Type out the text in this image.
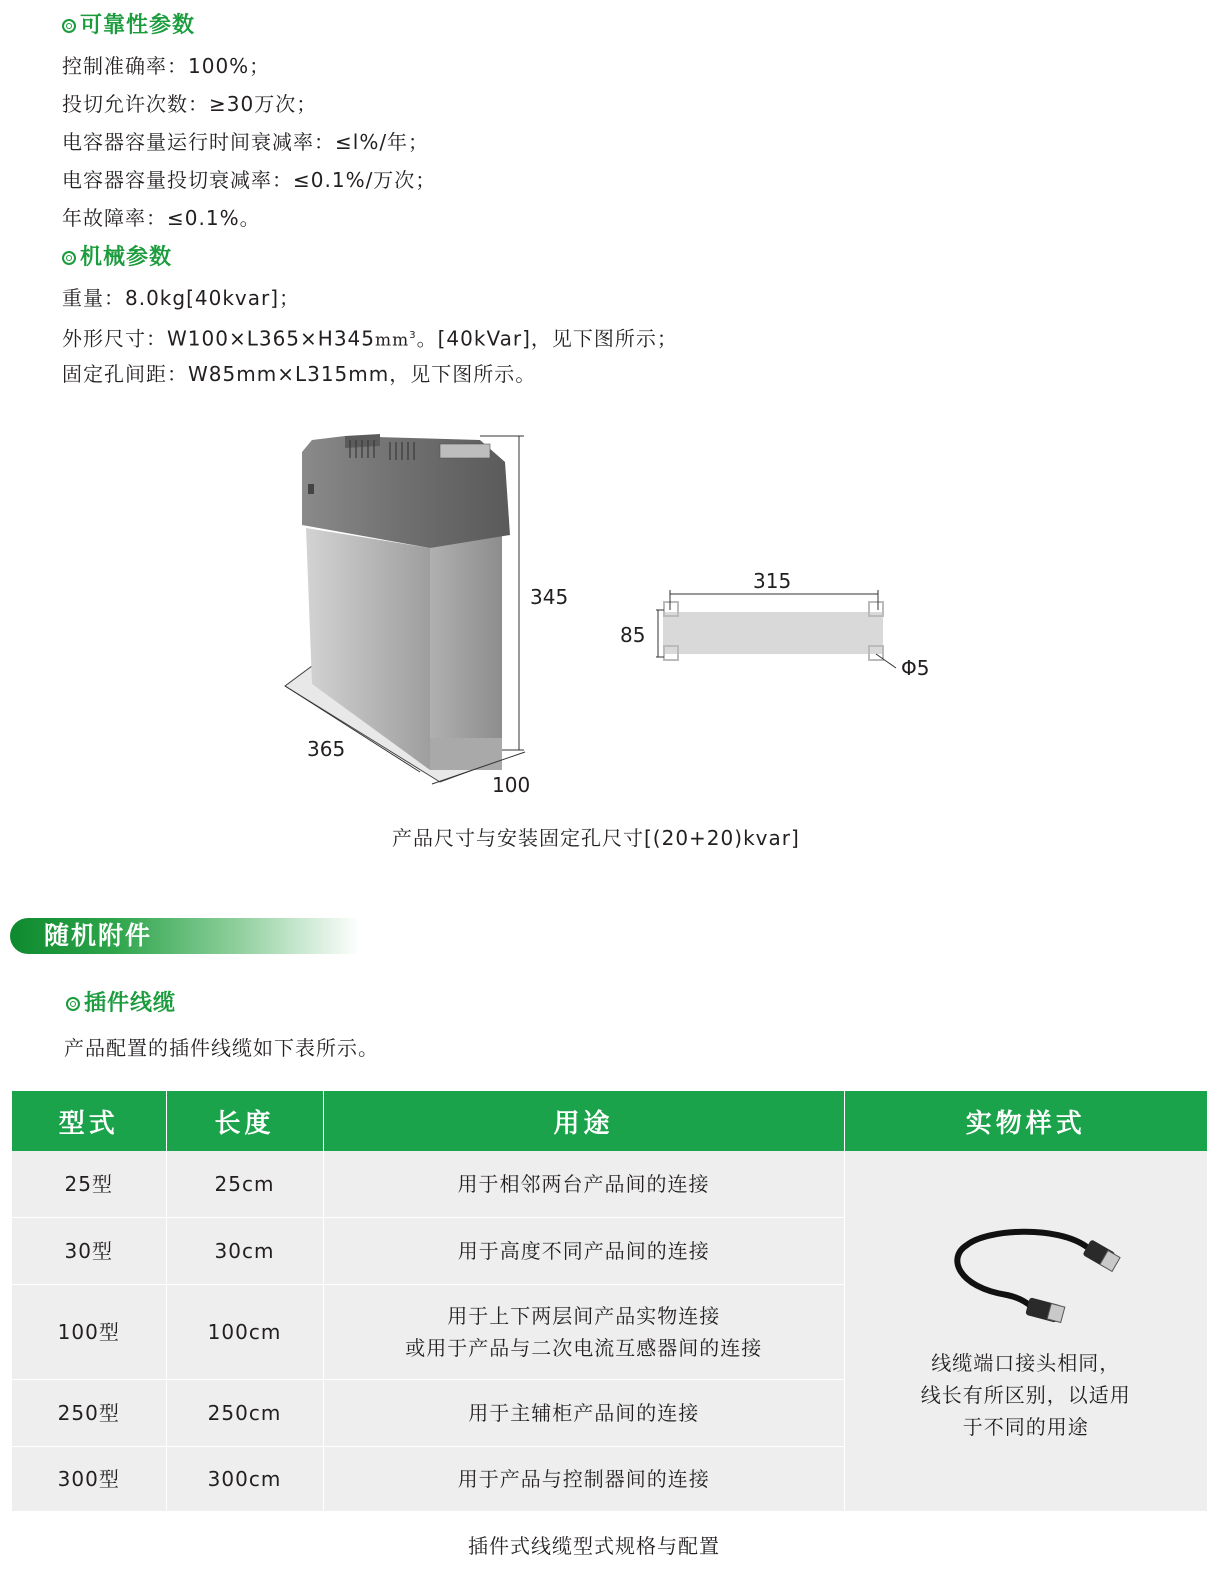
可靠性参数
控制准确率：100%；
投切允许次数：≥30万次；
电容器容量运行时间衰减率：≤l%/年；
电容器容量投切衰减率：≤0.1%/万次；
年故障率：≤0.1%。
机械参数
重量：8.0kg[40kvar]；
外形尺寸：$W100\times L365\times H345mm^3$。[40kVar]，见下图所示；
固定孔间距：W85mm×L315mm，见下图所示。
345
365
100
315
85
Φ5
产品尺寸与安装固定孔尺寸[(20+20)kvar]
随机附件
插件线缆
产品配置的插件线缆如下表所示。
型式	长度	用途	实物样式
25型	25cm	用于相邻两台产品间的连接	线缆端口接头相同，
线长有所区别，以适用
于不同的用途

30型	30cm	用于高度不同产品间的连接	
100型	100cm	用于上下两层间产品实物连接
或用于产品与二次电流互感器间的连接	

250型	250cm	用于主辅柜产品间的连接	
300型	300cm	用于产品与控制器间的连接	
插件式线缆型式规格与配置
